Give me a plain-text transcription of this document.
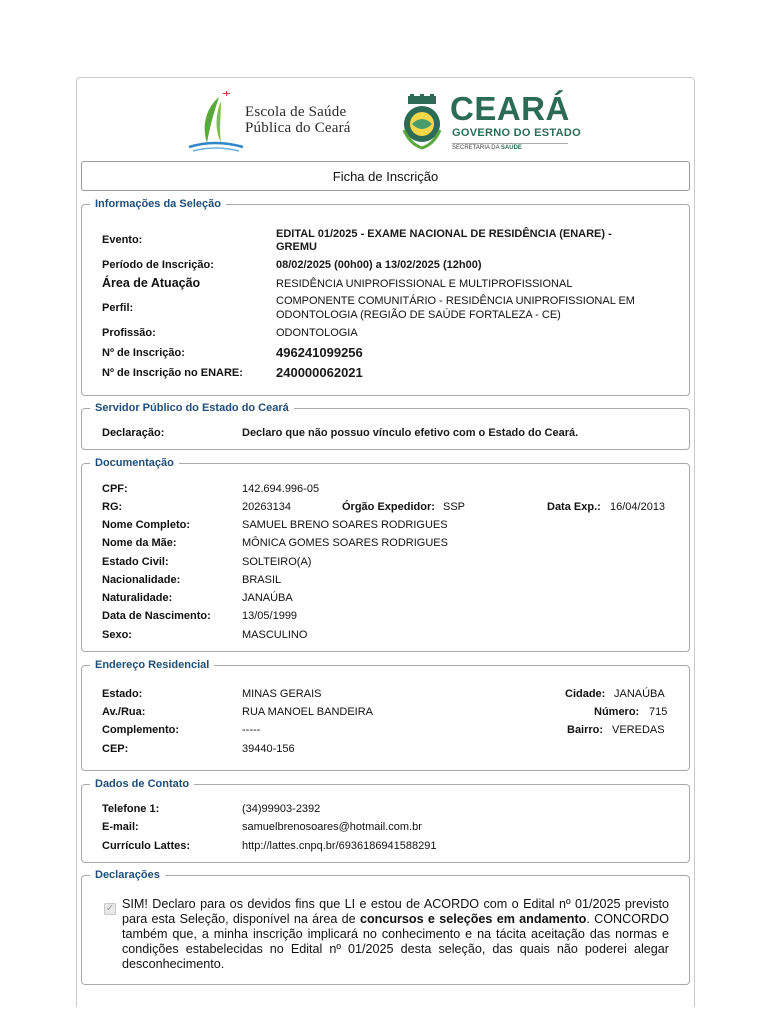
Escola de Saúde
Pública do Ceará
CEARÁ
GOVERNO DO ESTADO
SECRETARIA DA SAÚDE
Ficha de Inscrição
Informações da Seleção
Evento:	EDITAL 01/2025 - EXAME NACIONAL DE RESIDÊNCIA (ENARE) -
GREMU
Período de Inscrição:	08/02/2025 (00h00) a 13/02/2025 (12h00)
Área de Atuação	RESIDÊNCIA UNIPROFISSIONAL E MULTIPROFISSIONAL
Perfil:
COMPONENTE COMUNITÁRIO - RESIDÊNCIA UNIPROFISSIONAL EM
ODONTOLOGIA (REGIÃO DE SAÚDE FORTALEZA - CE)
Profissão:	ODONTOLOGIA
Nº de Inscrição:	496241099256
Nº de Inscrição no ENARE:	240000062021
Servidor Público do Estado do Ceará
Declaração:	Declaro que não possuo vínculo efetivo com o Estado do Ceará.
Documentação
CPF:	142.694.996-05
RG:	20263134	Órgão Expedidor: SSP	Data Exp.: 16/04/2013
Nome Completo:	SAMUEL BRENO SOARES RODRIGUES
Nome da Mãe:	MÔNICA GOMES SOARES RODRIGUES
Estado Civil:	SOLTEIRO(A)
Nacionalidade:	BRASIL
Naturalidade:	JANAÚBA
Data de Nascimento:	13/05/1999
Sexo:	MASCULINO
Endereço Residencial
Estado:	MINAS GERAIS	Cidade: JANAÚBA
Av./Rua:	RUA MANOEL BANDEIRA	Número: 715
Complemento:	-----	Bairro: VEREDAS
CEP:	39440-156
Dados de Contato
Telefone 1:	(34)99903-2392
E-mail:	samuelbrenosoares@hotmail.com.br
Currículo Lattes:	http://lattes.cnpq.br/6936186941588291
Declarações
✓ SIM! Declaro para os devidos fins que LI e estou de ACORDO com o Edital nº 01/2025 previsto para esta Seleção, disponível na área de concursos e seleções em andamento. CONCORDO também que, a minha inscrição implicará no conhecimento e na tácita aceitação das normas e condições estabelecidas no Edital nº 01/2025 desta seleção, das quais não poderei alegar desconhecimento.
